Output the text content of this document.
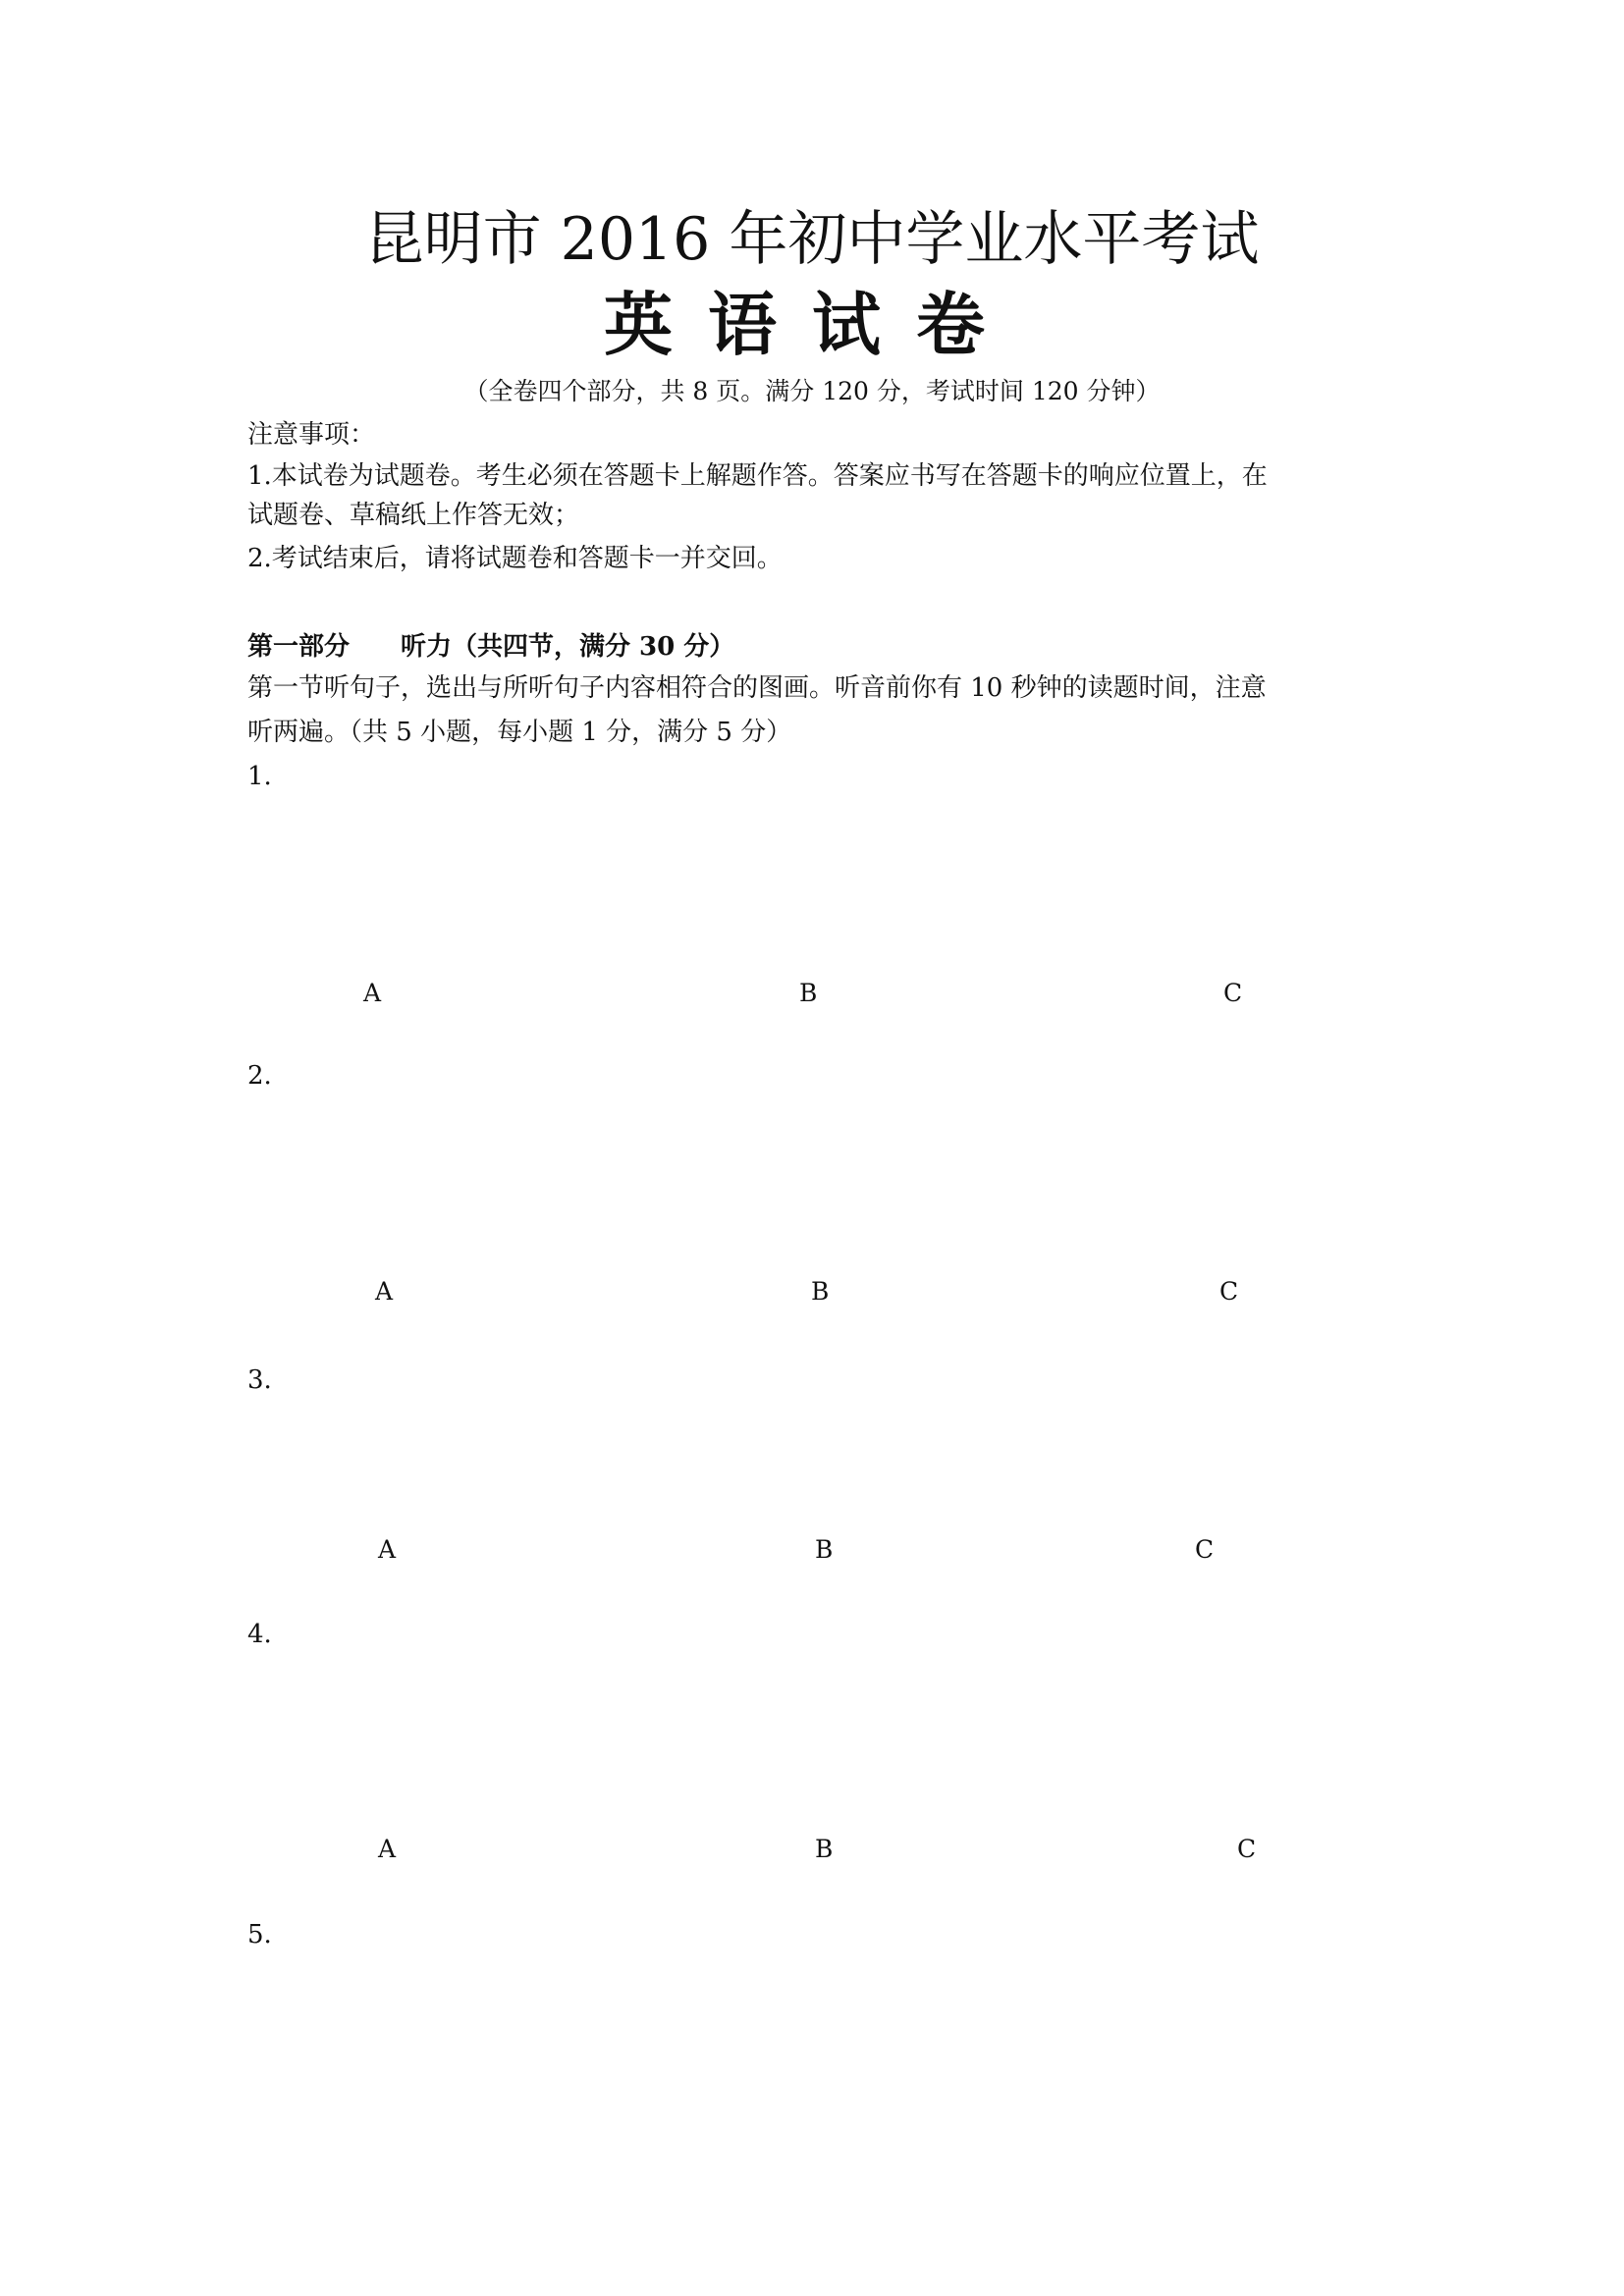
昆明市 2016 年初中学业水平考试
英语试卷
（全卷四个部分，共 8 页。满分 120 分，考试时间 120 分钟）
注意事项：
1.本试卷为试题卷。考生必须在答题卡上解题作答。答案应书写在答题卡的响应位置上，在
试题卷、草稿纸上作答无效；
2.考试结束后，请将试题卷和答题卡一并交回。
第一部分　　听力（共四节，满分 30 分）
第一节听句子，选出与所听句子内容相符合的图画。听音前你有 10 秒钟的读题时间，注意
听两遍。（共 5 小题，每小题 1 分，满分 5 分）
1.
A	B	C
2.
A	B	C
3.
A	B	C
4.
A	B	C
5.
